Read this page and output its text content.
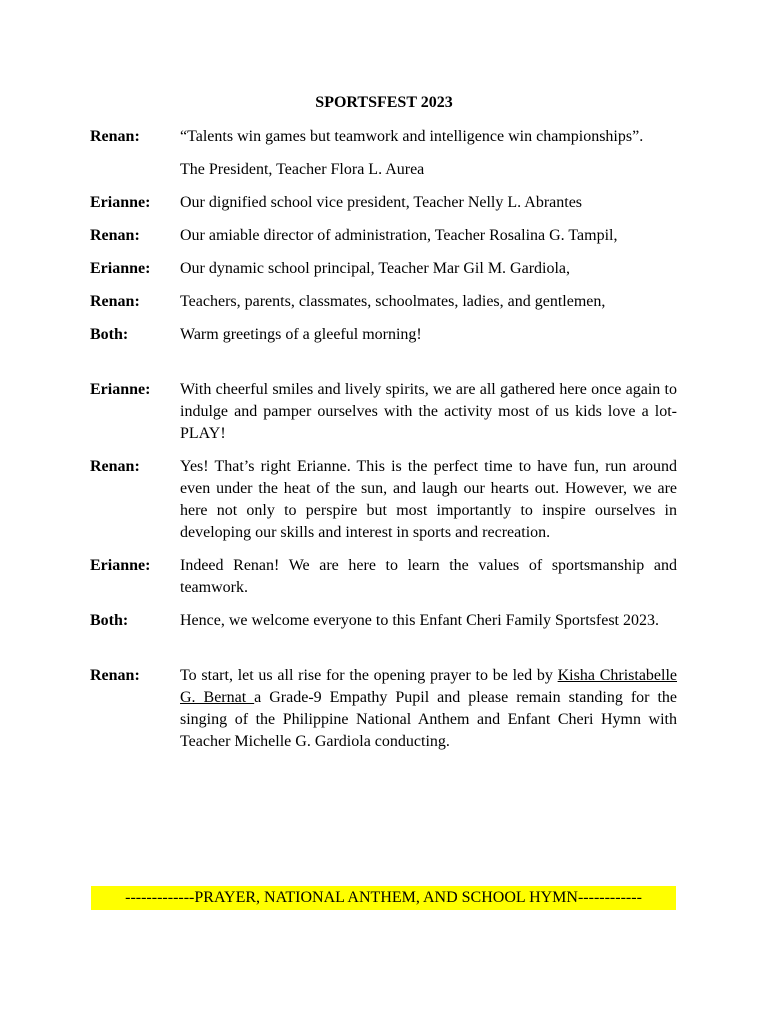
SPORTSFEST 2023
Renan:	“Talents win games but teamwork and intelligence win championships”.
The President, Teacher Flora L. Aurea
Erianne:	Our dignified school vice president, Teacher Nelly L. Abrantes
Renan:	Our amiable director of administration, Teacher Rosalina G. Tampil,
Erianne:	Our dynamic school principal, Teacher Mar Gil M. Gardiola,
Renan:	Teachers, parents, classmates, schoolmates, ladies, and gentlemen,
Both:	Warm greetings of a gleeful morning!
Erianne:	With cheerful smiles and lively spirits, we are all gathered here once again to indulge and pamper ourselves with the activity most of us kids love a lot- PLAY!
Renan:	Yes! That’s right Erianne. This is the perfect time to have fun, run around even under the heat of the sun, and laugh our hearts out. However, we are here not only to perspire but most importantly to inspire ourselves in developing our skills and interest in sports and recreation.
Erianne:	Indeed Renan! We are here to learn the values of sportsmanship and teamwork.
Both:	Hence, we welcome everyone to this Enfant Cheri Family Sportsfest 2023.
Renan:	To start, let us all rise for the opening prayer to be led by Kisha Christabelle G. Bernat a Grade-9 Empathy Pupil and please remain standing for the singing of the Philippine National Anthem and Enfant Cheri Hymn with Teacher Michelle G. Gardiola conducting.
-------------PRAYER, NATIONAL ANTHEM, AND SCHOOL HYMN------------
